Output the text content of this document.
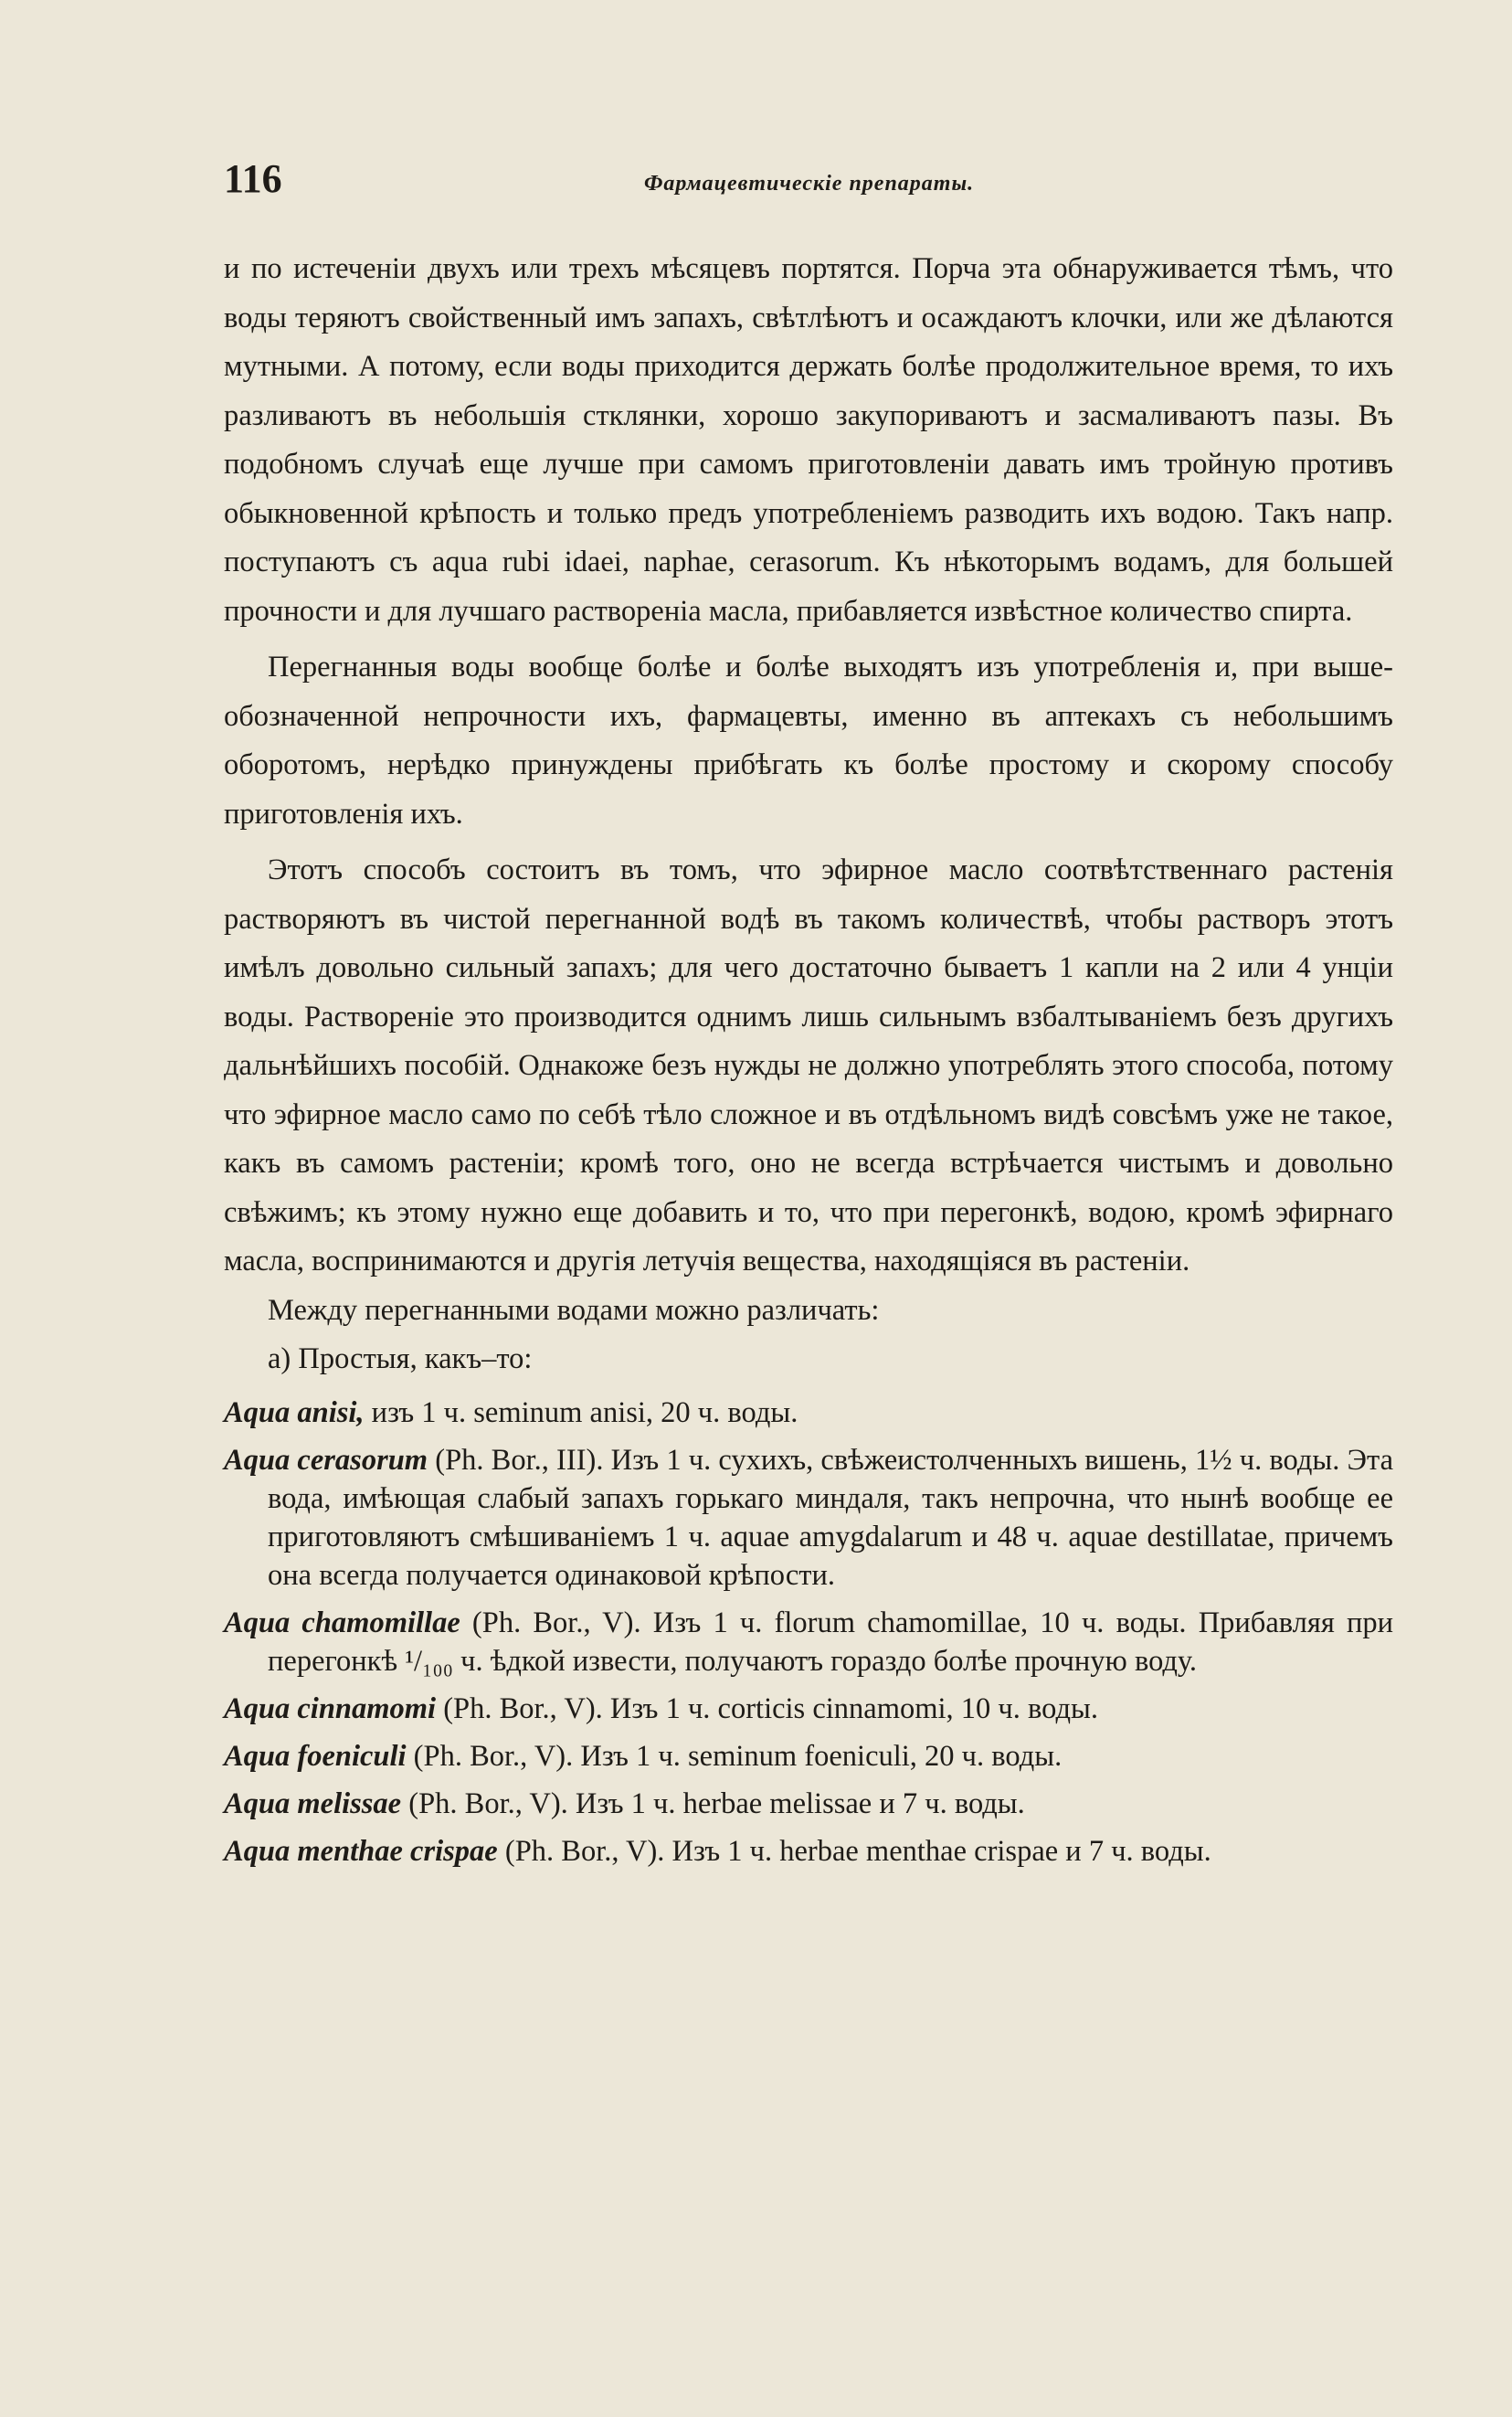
116	Фармацевтическіе препараты.

и по истеченіи двухъ или трехъ мѣсяцевъ портятся. Порча эта обнаруживается тѣмъ, что воды теряютъ свойственный имъ запахъ, свѣтлѣютъ и осаждаютъ клочки, или же дѣлаются мутными. А потому, если воды приходится держать болѣе продолжительное время, то ихъ разливаютъ въ небольшія стклянки, хорошо закупориваютъ и засмаливаютъ пазы. Въ подобномъ случаѣ еще лучше при самомъ приготовленіи давать имъ тройную противъ обыкновенной крѣпость и только предъ употребленіемъ разводить ихъ водою. Такъ напр. поступаютъ съ aqua rubi idaei, naphae, cerasorum. Къ нѣкоторымъ водамъ, для большей прочности и для лучшаго раствореніа масла, прибавляется извѣстное количество спирта.

Перегнанныя воды вообще болѣе и болѣе выходятъ изъ употребленія и, при выше-обозначенной непрочности ихъ, фармацевты, именно въ аптекахъ съ небольшимъ оборотомъ, нерѣдко принуждены прибѣгать къ болѣе простому и скорому способу приготовленія ихъ.

Этотъ способъ состоитъ въ томъ, что эфирное масло соотвѣтственнаго растенія растворяютъ въ чистой перегнанной водѣ въ такомъ количествѣ, чтобы растворъ этотъ имѣлъ довольно сильный запахъ; для чего достаточно бываетъ 1 капли на 2 или 4 унціи воды. Раствореніе это производится однимъ лишь сильнымъ взбалтываніемъ безъ другихъ дальнѣйшихъ пособій. Однакоже безъ нужды не должно употреблять этого способа, потому что эфирное масло само по себѣ тѣло сложное и въ отдѣльномъ видѣ совсѣмъ уже не такое, какъ въ самомъ растеніи; кромѣ того, оно не всегда встрѣчается чистымъ и довольно свѣжимъ; къ этому нужно еще добавить и то, что при перегонкѣ, водою, кромѣ эфирнаго масла, воспринимаются и другія летучія вещества, находящіяся въ растеніи.

Между перегнанными водами можно различать:

а) Простыя, какъ–то:

Aqua anisi, изъ 1 ч. seminum anisi, 20 ч. воды.

Aqua cerasorum (Ph. Bor., III). Изъ 1 ч. сухихъ, свѣжеистолченныхъ вишень, 1½ ч. воды. Эта вода, имѣющая слабый запахъ горькаго миндаля, такъ непрочна, что нынѣ вообще ее приготовляютъ смѣшиваніемъ 1 ч. aquae amygdalarum и 48 ч. aquae destillatae, причемъ она всегда получается одинаковой крѣпости.

Aqua chamomillae (Ph. Bor., V). Изъ 1 ч. florum chamomillae, 10 ч. воды. Прибавляя при перегонкѣ ¹/₁₀₀ ч. ѣдкой извести, получаютъ гораздо болѣе прочную воду.

Aqua cinnamomi (Ph. Bor., V). Изъ 1 ч. corticis cinnamomi, 10 ч. воды.

Aqua foeniculi (Ph. Bor., V). Изъ 1 ч. seminum foeniculi, 20 ч. воды.

Aqua melissae (Ph. Bor., V). Изъ 1 ч. herbae melissae и 7 ч. воды.

Aqua menthae crispae (Ph. Bor., V). Изъ 1 ч. herbae menthae crispae и 7 ч. воды.
